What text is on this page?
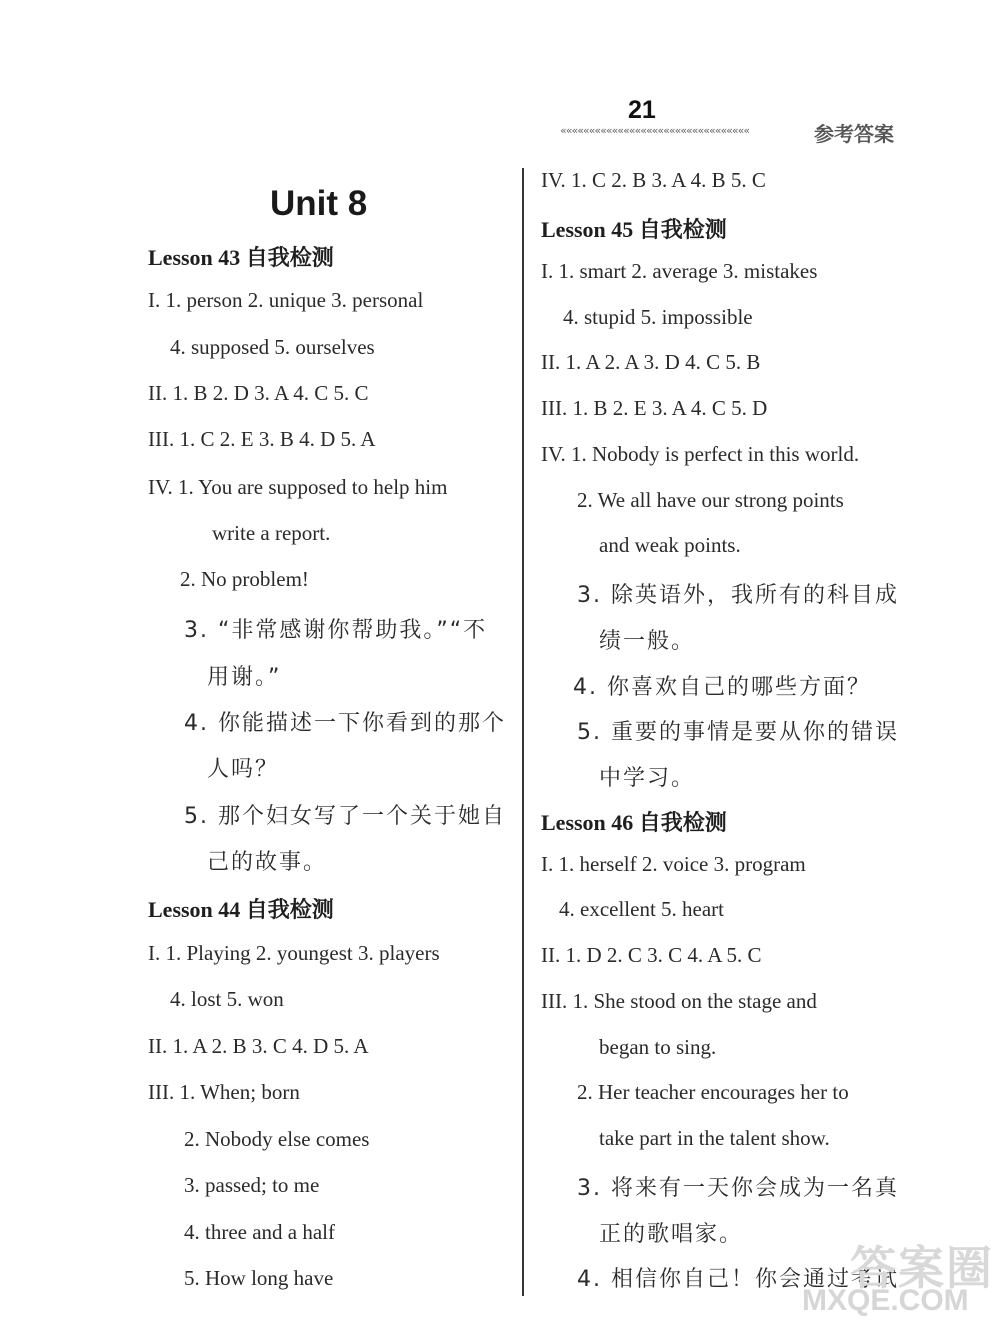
21
«««««««««««««««««««««««««««««««««	参考答案
Unit 8
Lesson 43 自我检测
I. 1. person 2. unique 3. personal
4. supposed 5. ourselves
II. 1. B 2. D 3. A 4. C 5. C
III. 1. C 2. E 3. B 4. D 5. A
IV. 1. You are supposed to help him
write a report.
2. No problem!
3. “非常感谢你帮助我。”“不
用谢。”
4. 你能描述一下你看到的那个
人吗？
5. 那个妇女写了一个关于她自
己的故事。
Lesson 44 自我检测
I. 1. Playing 2. youngest 3. players
4. lost 5. won
II. 1. A 2. B 3. C 4. D 5. A
III. 1. When; born
2. Nobody else comes
3. passed; to me
4. three and a half
5. How long have
IV. 1. C 2. B 3. A 4. B 5. C
Lesson 45 自我检测
I. 1. smart 2. average 3. mistakes
4. stupid 5. impossible
II. 1. A 2. A 3. D 4. C 5. B
III. 1. B 2. E 3. A 4. C 5. D
IV. 1. Nobody is perfect in this world.
2. We all have our strong points
and weak points.
3. 除英语外，我所有的科目成
绩一般。
4. 你喜欢自己的哪些方面？
5. 重要的事情是要从你的错误
中学习。
Lesson 46 自我检测
I. 1. herself 2. voice 3. program
4. excellent 5. heart
II. 1. D 2. C 3. C 4. A 5. C
III. 1. She stood on the stage and
began to sing.
2. Her teacher encourages her to
take part in the talent show.
3. 将来有一天你会成为一名真
正的歌唱家。
4. 相信你自己！你会通过考试
答案圈
MXQE.COM
